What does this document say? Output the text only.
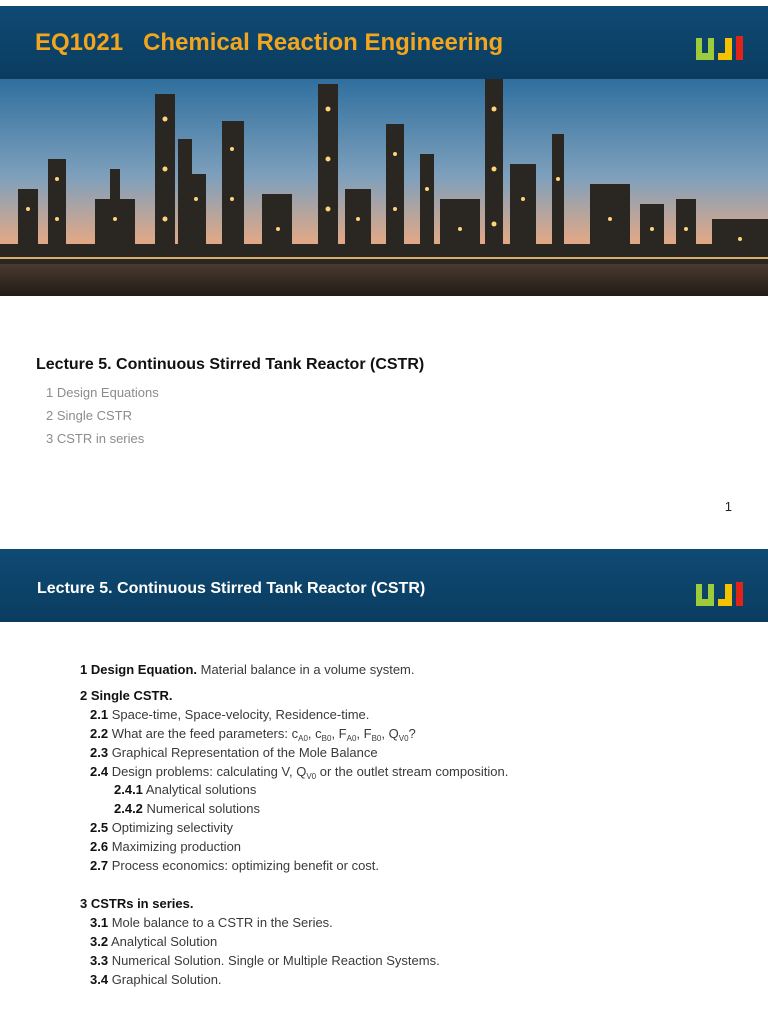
EQ1021   Chemical Reaction Engineering
Lecture 5. Continuous Stirred Tank Reactor (CSTR)
1 Design Equations
2 Single CSTR
3 CSTR in series
1
Lecture 5. Continuous Stirred Tank Reactor (CSTR)
1 Design Equation. Material balance in a volume system.
2 Single CSTR.
2.1 Space-time, Space-velocity, Residence-time.
2.2 What are the feed parameters: $c_{A0}$, $c_{B0}$, $F_{A0}$, $F_{B0}$, $Q_{V0}$?
2.3 Graphical Representation of the Mole Balance
2.4 Design problems: calculating V, $Q_{V0}$ or the outlet stream composition.
2.4.1 Analytical solutions
2.4.2 Numerical solutions
2.5 Optimizing selectivity
2.6 Maximizing production
2.7 Process economics: optimizing benefit or cost.
3 CSTRs in series.
3.1 Mole balance to a CSTR in the Series.
3.2 Analytical Solution
3.3 Numerical Solution. Single or Multiple Reaction Systems.
3.4 Graphical Solution.
